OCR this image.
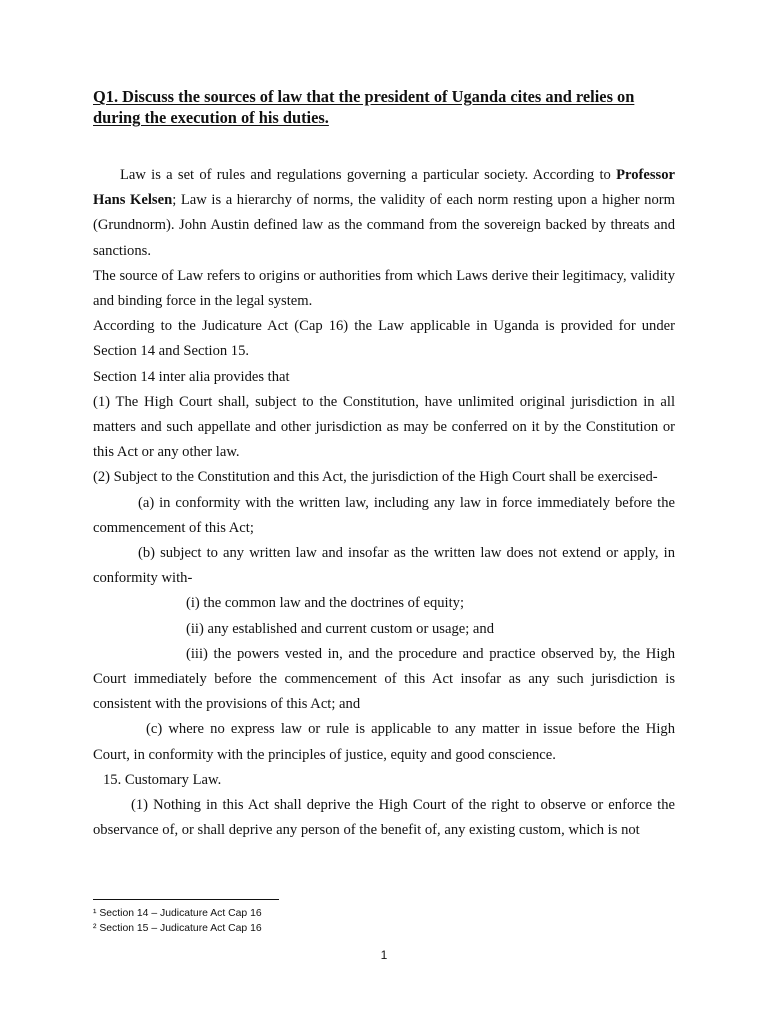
Q1. Discuss the sources of law that the president of Uganda cites and relies on during the execution of his duties.

Law is a set of rules and regulations governing a particular society. According to Professor Hans Kelsen; Law is a hierarchy of norms, the validity of each norm resting upon a higher norm (Grundnorm). John Austin defined law as the command from the sovereign backed by threats and sanctions.

The source of Law refers to origins or authorities from which Laws derive their legitimacy, validity and binding force in the legal system.

According to the Judicature Act (Cap 16) the Law applicable in Uganda is provided for under Section 14 and Section 15.

Section 14 inter alia provides that

(1) The High Court shall, subject to the Constitution, have unlimited original jurisdiction in all matters and such appellate and other jurisdiction as may be conferred on it by the Constitution or this Act or any other law.

(2) Subject to the Constitution and this Act, the jurisdiction of the High Court shall be exercised-

(a) in conformity with the written law, including any law in force immediately before the commencement of this Act;

(b) subject to any written law and insofar as the written law does not extend or apply, in conformity with-

(i) the common law and the doctrines of equity;

(ii) any established and current custom or usage; and

(iii) the powers vested in, and the procedure and practice observed by, the High Court immediately before the commencement of this Act insofar as any such jurisdiction is consistent with the provisions of this Act; and

(c) where no express law or rule is applicable to any matter in issue before the High Court, in conformity with the principles of justice, equity and good conscience.

15. Customary Law.

(1) Nothing in this Act shall deprive the High Court of the right to observe or enforce the observance of, or shall deprive any person of the benefit of, any existing custom, which is not

¹ Section 14 – Judicature Act Cap 16
² Section 15 – Judicature Act Cap 16
1
